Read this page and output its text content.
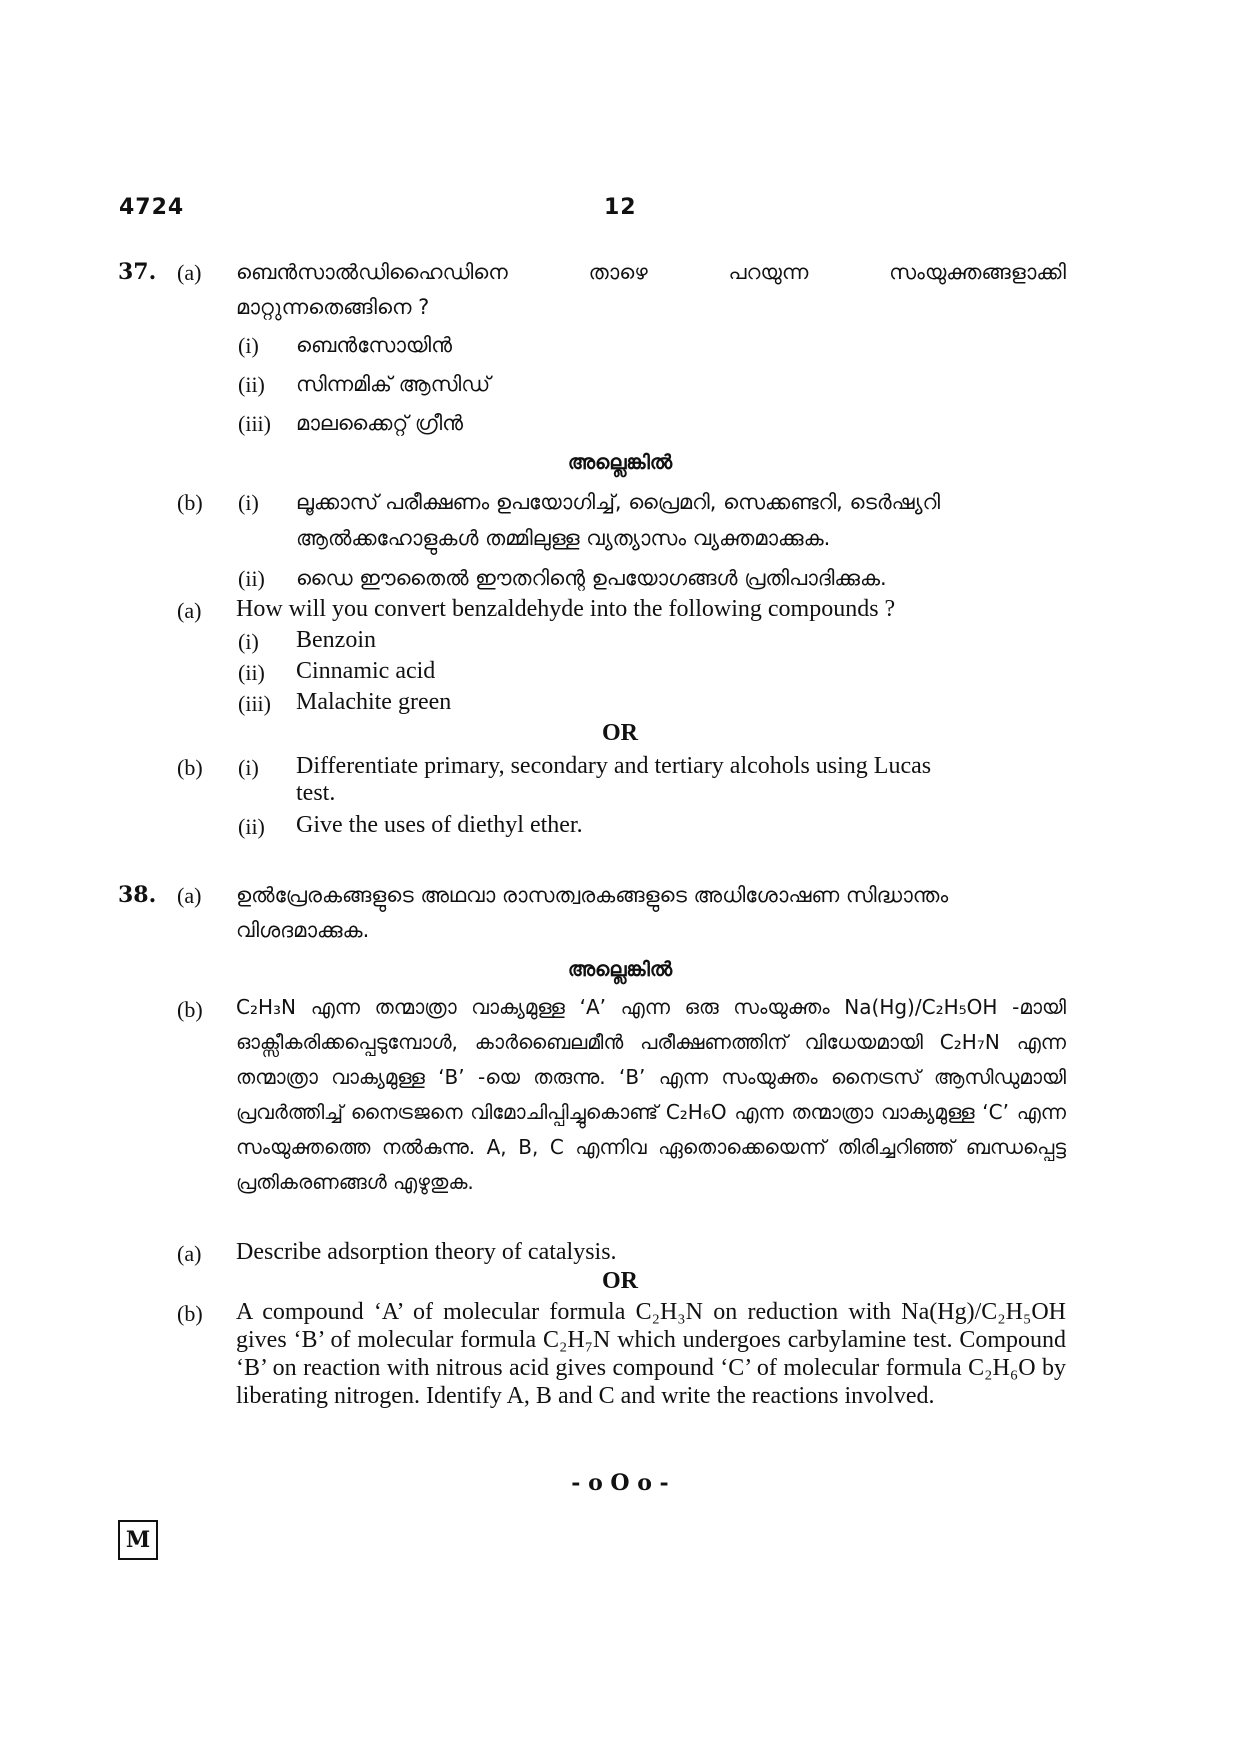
4724	12
37. (a) ബെൻസാൽഡിഹൈഡിനെ	താഴെ	പറയുന്ന	സംയുക്തങ്ങളാക്കി
മാറ്റുന്നതെങ്ങിനെ ?
(i) ബെൻസോയിൻ
(ii) സിന്നമിക് ആസിഡ്
(iii) മാലക്കൈറ്റ് ഗ്രീൻ
അല്ലെങ്കിൽ
(b) (i) ലൂക്കാസ് പരീക്ഷണം ഉപയോഗിച്ച്, പ്രൈമറി, സെക്കണ്ടറി, ടെർഷ്യറി
ആൽക്കഹോളുകൾ തമ്മിലുള്ള വ്യത്യാസം വ്യക്തമാക്കുക.
(ii) ഡൈ ഈതൈൽ ഈതറിന്റെ ഉപയോഗങ്ങൾ പ്രതിപാദിക്കുക.
(a) How will you convert benzaldehyde into the following compounds ?
(i) Benzoin
(ii) Cinnamic acid
(iii) Malachite green
OR
(b) (i) Differentiate primary, secondary and tertiary alcohols using Lucas
test.
(ii) Give the uses of diethyl ether.
38. (a) ഉൽപ്രേരകങ്ങളുടെ അഥവാ രാസത്വരകങ്ങളുടെ അധിശോഷണ സിദ്ധാന്തം
വിശദമാക്കുക.
അല്ലെങ്കിൽ
(b) C₂H₃N എന്ന തന്മാത്രാ വാക്യമുള്ള ‘A’ എന്ന ഒരു സംയുക്തം Na(Hg)/C₂H₅OH -മായി ഓക്സീകരിക്കപ്പെടുമ്പോൾ, കാർബൈലമീൻ പരീക്ഷണത്തിന് വിധേയമായി C₂H₇N എന്ന തന്മാത്രാ വാക്യമുള്ള ‘B’ -യെ തരുന്നു. ‘B’ എന്ന സംയുക്തം നൈട്രസ് ആസിഡുമായി പ്രവർത്തിച്ച് നൈട്രജനെ വിമോചിപ്പിച്ചുകൊണ്ട് C₂H₆O എന്ന തന്മാത്രാ വാക്യമുള്ള ‘C’ എന്ന സംയുക്തത്തെ നൽകുന്നു. A, B, C എന്നിവ ഏതൊക്കെയെന്ന് തിരിച്ചറിഞ്ഞ് ബന്ധപ്പെട്ട പ്രതികരണങ്ങൾ എഴുതുക.
(a) Describe adsorption theory of catalysis.
OR
(b) A compound ‘A’ of molecular formula C₂H₃N on reduction with Na(Hg)/C₂H₅OH gives ‘B’ of molecular formula C₂H₇N which undergoes carbylamine test. Compound ‘B’ on reaction with nitrous acid gives compound ‘C’ of molecular formula C₂H₆O by liberating nitrogen. Identify A, B and C and write the reactions involved.
- o O o -
M
